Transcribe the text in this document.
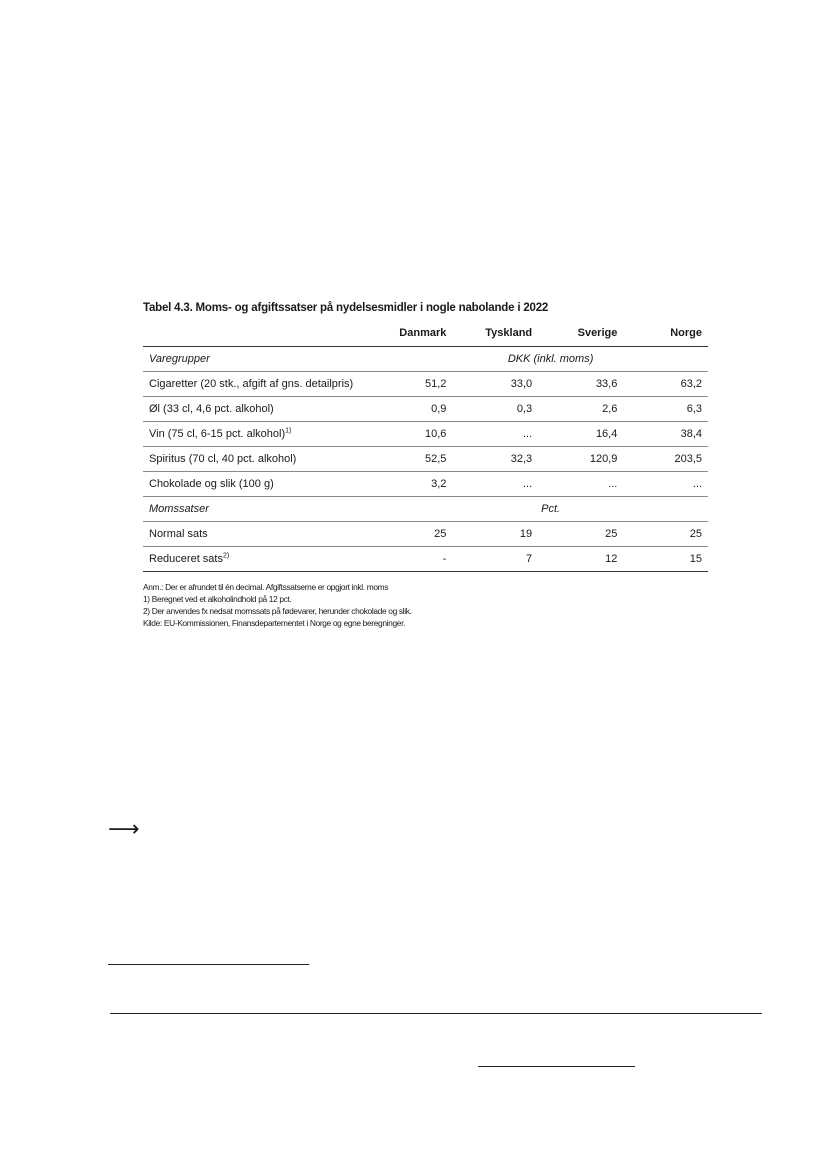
Tabel 4.3. Moms- og afgiftssatser på nydelsesmidler i nogle nabolande i 2022
	Danmark	Tyskland	Sverige	Norge
Varegrupper	DKK (inkl. moms)			
Cigaretter (20 stk., afgift af gns. detailpris)	51,2	33,0	33,6	63,2
Øl (33 cl, 4,6 pct. alkohol)	0,9	0,3	2,6	6,3
Vin (75 cl, 6-15 pct. alkohol)$^{1)}$	10,6	...	16,4	38,4
Spiritus (70 cl, 40 pct. alkohol)	52,5	32,3	120,9	203,5
Chokolade og slik (100 g)	3,2	...	...	...
Momssatser	Pct.			
Normal sats	25	19	25	25
Reduceret sats$^{2)}$	-	7	12	15
Anm.: Der er afrundet til én decimal. Afgiftssatserne er opgjort inkl. moms
1) Beregnet ved et alkoholindhold på 12 pct.
2) Der anvendes fx nedsat momssats på fødevarer, herunder chokolade og slik.
Kilde: EU-Kommissionen, Finansdepartementet i Norge og egne beregninger.
⟶
